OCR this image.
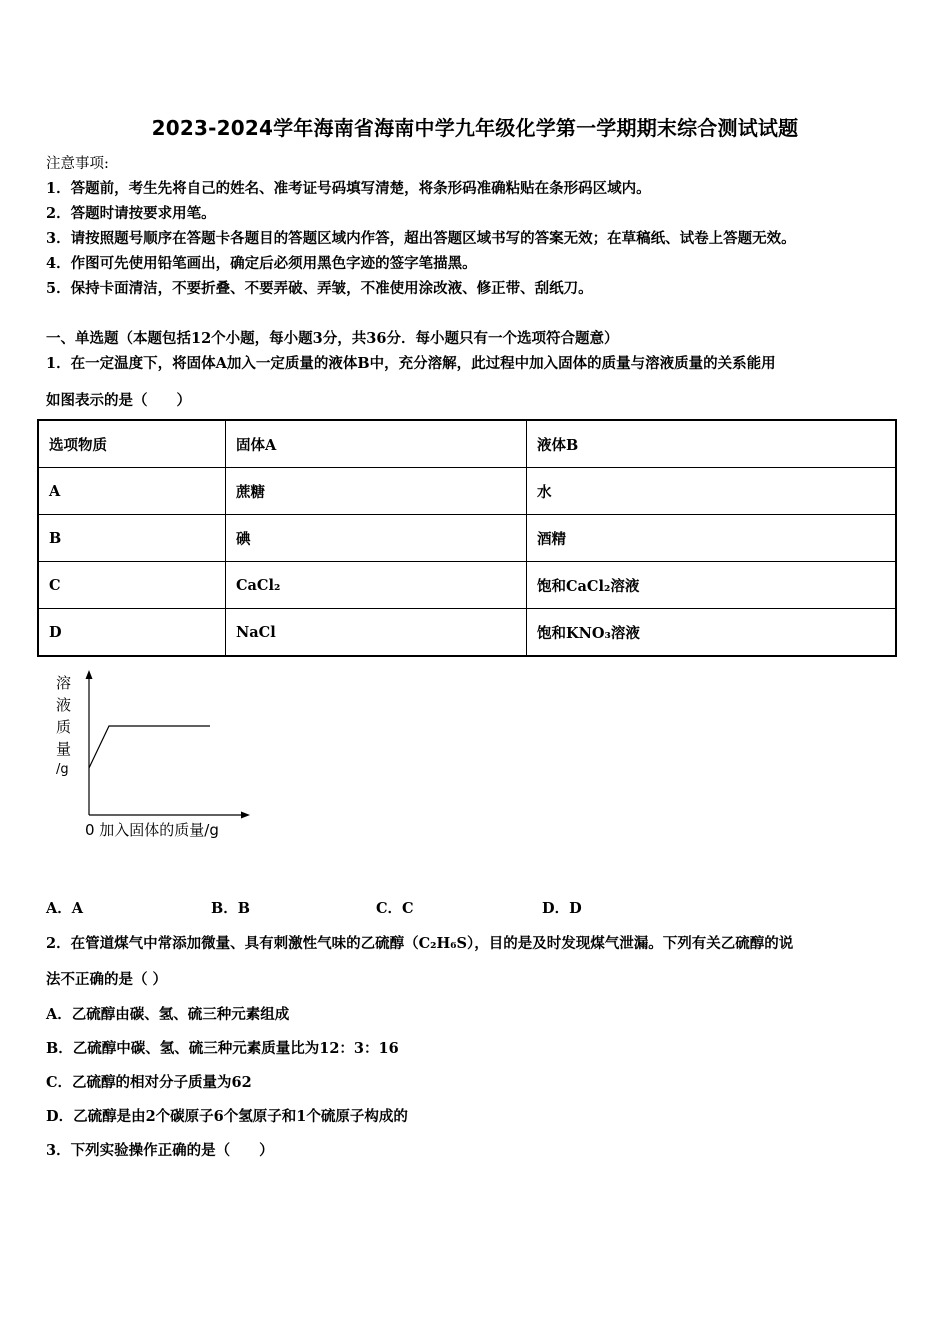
2023-2024学年海南省海南中学九年级化学第一学期期末综合测试试题
注意事项:
1．答题前，考生先将自己的姓名、准考证号码填写清楚，将条形码准确粘贴在条形码区域内。
2．答题时请按要求用笔。
3．请按照题号顺序在答题卡各题目的答题区域内作答，超出答题区域书写的答案无效；在草稿纸、试卷上答题无效。
4．作图可先使用铅笔画出，确定后必须用黑色字迹的签字笔描黑。
5．保持卡面清洁，不要折叠、不要弄破、弄皱，不准使用涂改液、修正带、刮纸刀。
一、单选题（本题包括12个小题，每小题3分，共36分．每小题只有一个选项符合题意）
1．在一定温度下，将固体A加入一定质量的液体B中，充分溶解，此过程中加入固体的质量与溶液质量的关系能用
如图表示的是（　　）
选项物质	固体A	液体B
A	蔗糖	水
B	碘	酒精
C	CaCl₂	饱和CaCl₂溶液
D	NaCl	饱和KNO₃溶液
溶
液
质
量
/g
0 加入固体的质量/g
A．A	B．B	C．C	D．D
2．在管道煤气中常添加微量、具有刺激性气味的乙硫醇（C₂H₆S），目的是及时发现煤气泄漏。下列有关乙硫醇的说
法不正确的是（ ）
A．乙硫醇由碳、氢、硫三种元素组成
B．乙硫醇中碳、氢、硫三种元素质量比为12：3：16
C．乙硫醇的相对分子质量为62
D．乙硫醇是由2个碳原子6个氢原子和1个硫原子构成的
3．下列实验操作正确的是（　　）
